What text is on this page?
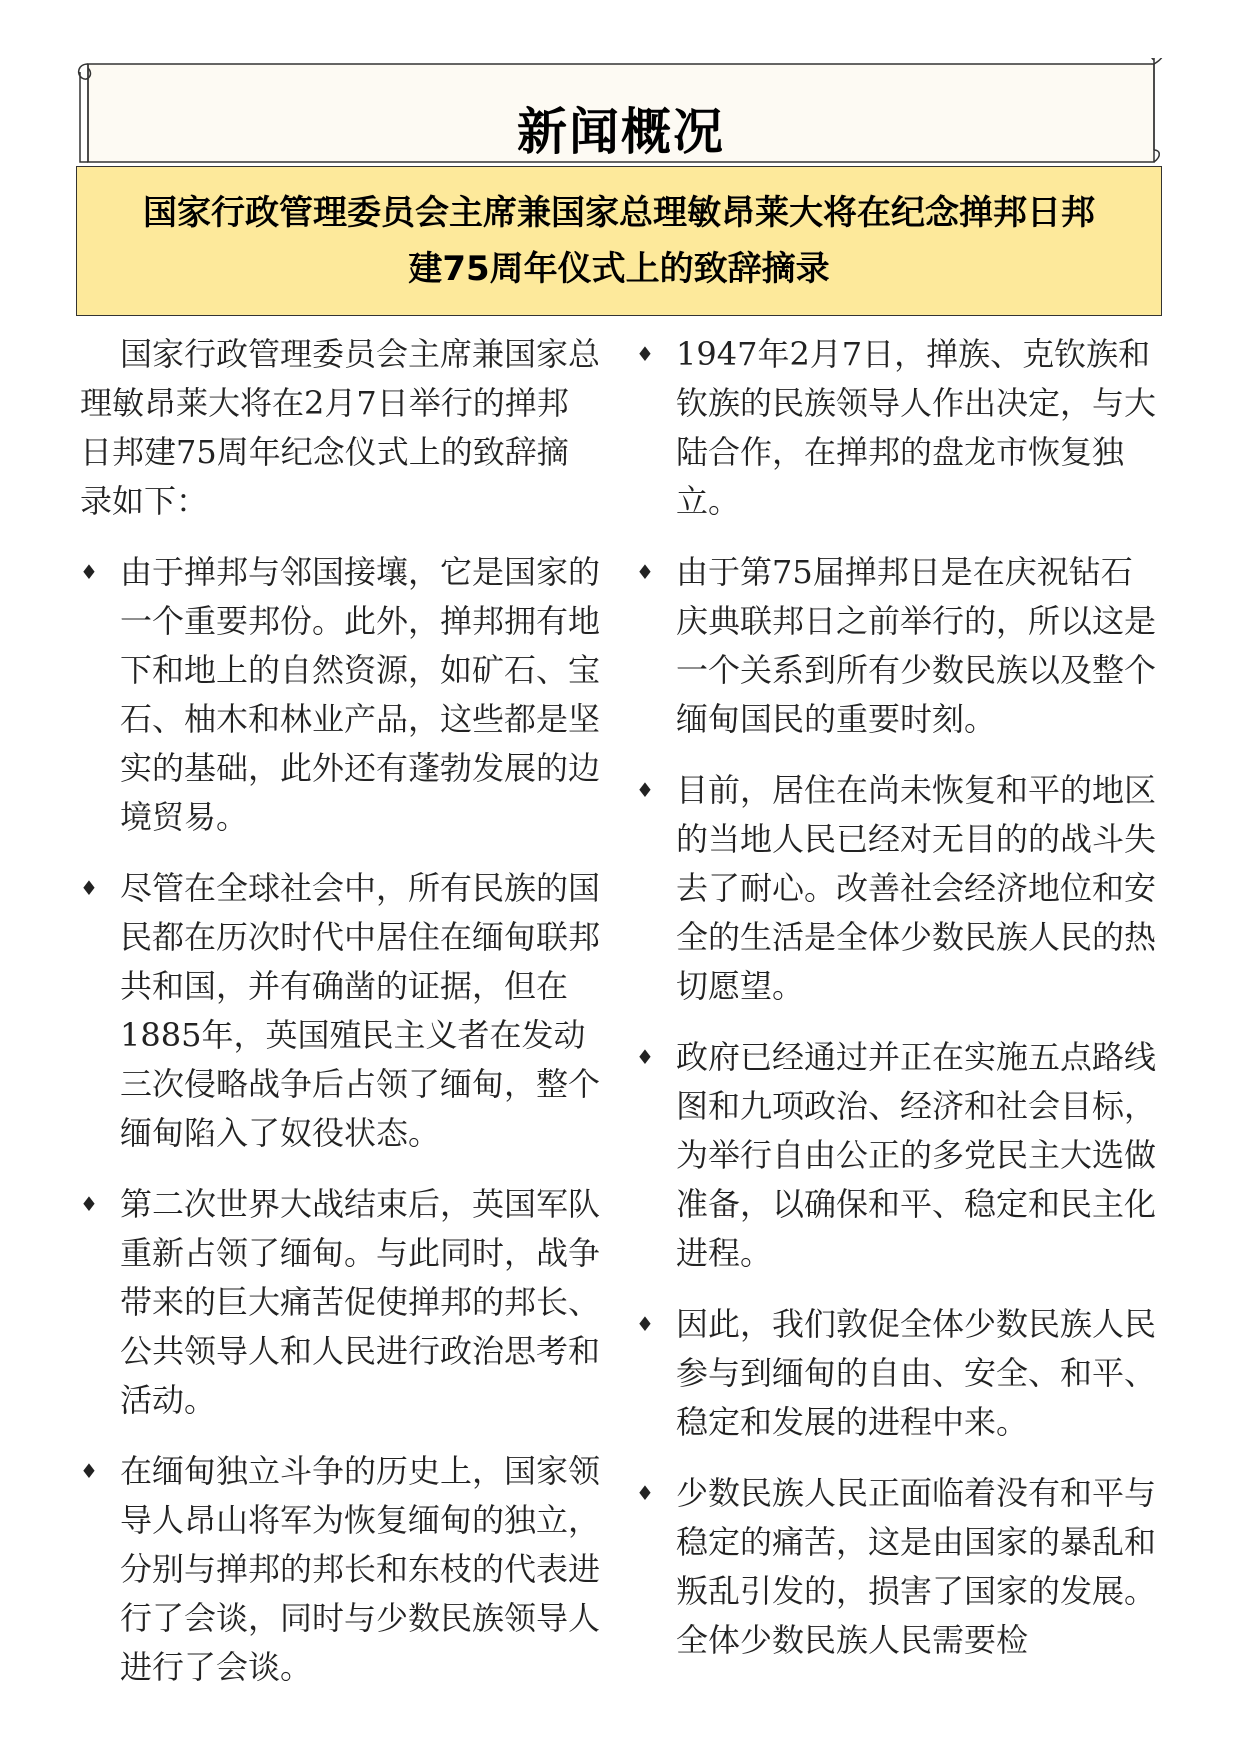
新闻概况
国家行政管理委员会主席兼国家总理敏昂莱大将在纪念掸邦日邦
建75周年仪式上的致辞摘录

国家行政管理委员会主席兼国家总理敏昂莱大将在2月7日举行的掸邦日邦建75周年纪念仪式上的致辞摘录如下：

♦ 由于掸邦与邻国接壤，它是国家的一个重要邦份。此外，掸邦拥有地下和地上的自然资源，如矿石、宝石、柚木和林业产品，这些都是坚实的基础，此外还有蓬勃发展的边境贸易。
♦ 尽管在全球社会中，所有民族的国民都在历次时代中居住在缅甸联邦共和国，并有确凿的证据，但在1885年，英国殖民主义者在发动三次侵略战争后占领了缅甸，整个缅甸陷入了奴役状态。
♦ 第二次世界大战结束后，英国军队重新占领了缅甸。与此同时，战争带来的巨大痛苦促使掸邦的邦长、公共领导人和人民进行政治思考和活动。
♦ 在缅甸独立斗争的历史上，国家领导人昂山将军为恢复缅甸的独立，分别与掸邦的邦长和东枝的代表进行了会谈，同时与少数民族领导人进行了会谈。
♦ 1947年2月7日，掸族、克钦族和钦族的民族领导人作出决定，与大陆合作，在掸邦的盘龙市恢复独立。
♦ 由于第75届掸邦日是在庆祝钻石庆典联邦日之前举行的，所以这是一个关系到所有少数民族以及整个缅甸国民的重要时刻。
♦ 目前，居住在尚未恢复和平的地区的当地人民已经对无目的的战斗失去了耐心。改善社会经济地位和安全的生活是全体少数民族人民的热切愿望。
♦ 政府已经通过并正在实施五点路线图和九项政治、经济和社会目标，为举行自由公正的多党民主大选做准备，以确保和平、稳定和民主化进程。
♦ 因此，我们敦促全体少数民族人民参与到缅甸的自由、安全、和平、稳定和发展的进程中来。
♦ 少数民族人民正面临着没有和平与稳定的痛苦，这是由国家的暴乱和叛乱引发的，损害了国家的发展。全体少数民族人民需要检
